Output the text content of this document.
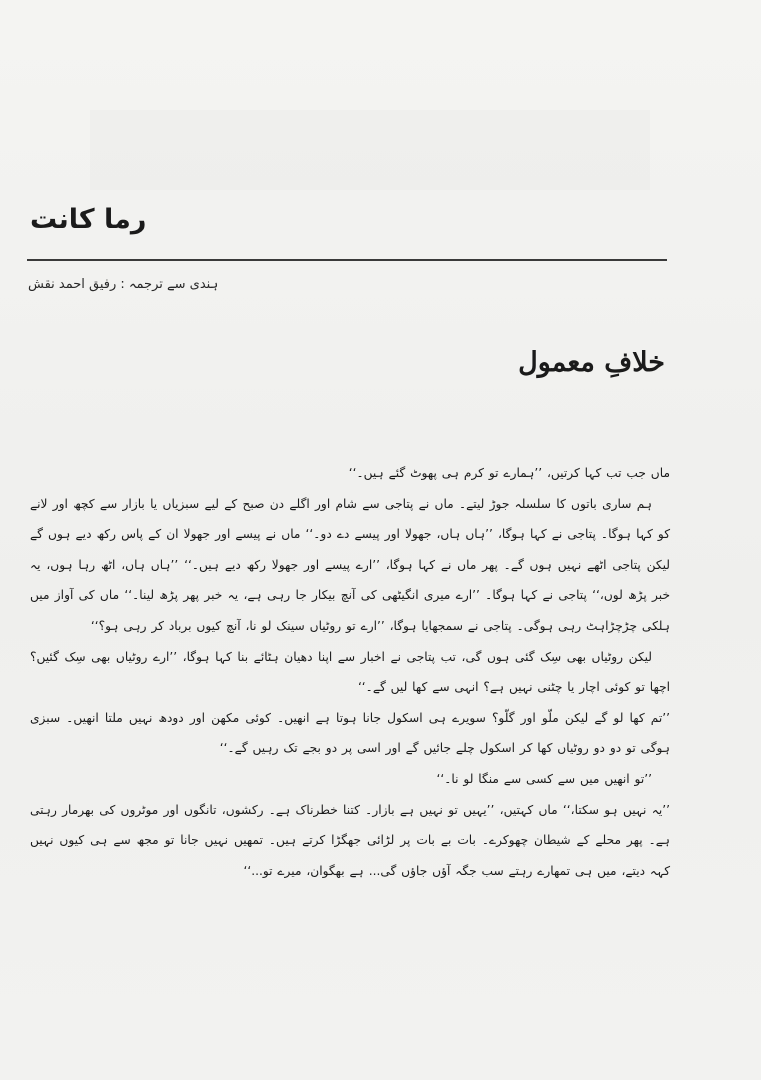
رما کانت
ہندی سے ترجمہ : رفیق احمد نقش
خلافِ معمول

ماں جب تب کہا کرتیں، ’’ہمارے تو کرم ہی پھوٹ گئے ہیں۔‘‘

ہم ساری باتوں کا سلسلہ جوڑ لیتے۔ ماں نے پتاجی سے شام اور اگلے دن صبح کے لیے سبزیاں یا بازار سے کچھ اور لانے کو کہا ہوگا۔ پتاجی نے کہا ہوگا، ’’ہاں ہاں، جھولا اور پیسے دے دو۔‘‘ ماں نے پیسے اور جھولا ان کے پاس رکھ دیے ہوں گے لیکن پتاجی اٹھے نہیں ہوں گے۔ پھر ماں نے کہا ہوگا، ’’ارے پیسے اور جھولا رکھ دیے ہیں۔‘‘ ’’ہاں ہاں، اٹھ رہا ہوں، یہ خبر پڑھ لوں،‘‘ پتاجی نے کہا ہوگا۔ ’’ارے میری انگیٹھی کی آنچ بیکار جا رہی ہے، یہ خبر پھر پڑھ لینا۔‘‘ ماں کی آواز میں ہلکی چڑچڑاہٹ رہی ہوگی۔ پتاجی نے سمجھایا ہوگا، ’’ارے تو روٹیاں سینک لو نا، آنچ کیوں برباد کر رہی ہو؟‘‘

لیکن روٹیاں بھی سِک گئی ہوں گی، تب پتاجی نے اخبار سے اپنا دھیان ہٹائے بنا کہا ہوگا، ’’ارے روٹیاں بھی سِک گئیں؟ اچھا تو کوئی اچار یا چٹنی نہیں ہے؟ انہی سے کھا لیں گے۔‘‘

’’تم کھا لو گے لیکن ملّو اور گلّو؟ سویرے ہی اسکول جانا ہوتا ہے انھیں۔ کوئی مکھن اور دودھ نہیں ملتا انھیں۔ سبزی ہوگی تو دو دو روٹیاں کھا کر اسکول چلے جائیں گے اور اسی پر دو بجے تک رہیں گے۔‘‘

’’تو انھیں میں سے کسی سے منگا لو نا۔‘‘

’’یہ نہیں ہو سکتا،‘‘ ماں کہتیں، ’’یہیں تو نہیں ہے بازار۔ کتنا خطرناک ہے۔ رکشوں، تانگوں اور موٹروں کی بھرمار رہتی ہے۔ پھر محلے کے شیطان چھوکرے۔ بات بے بات پر لڑائی جھگڑا کرتے ہیں۔ تمھیں نہیں جانا تو مجھ سے ہی کیوں نہیں کہہ دیتے، میں ہی تمھارے رہتے سب جگہ آؤں جاؤں گی... ہے بھگوان، میرے تو...‘‘
